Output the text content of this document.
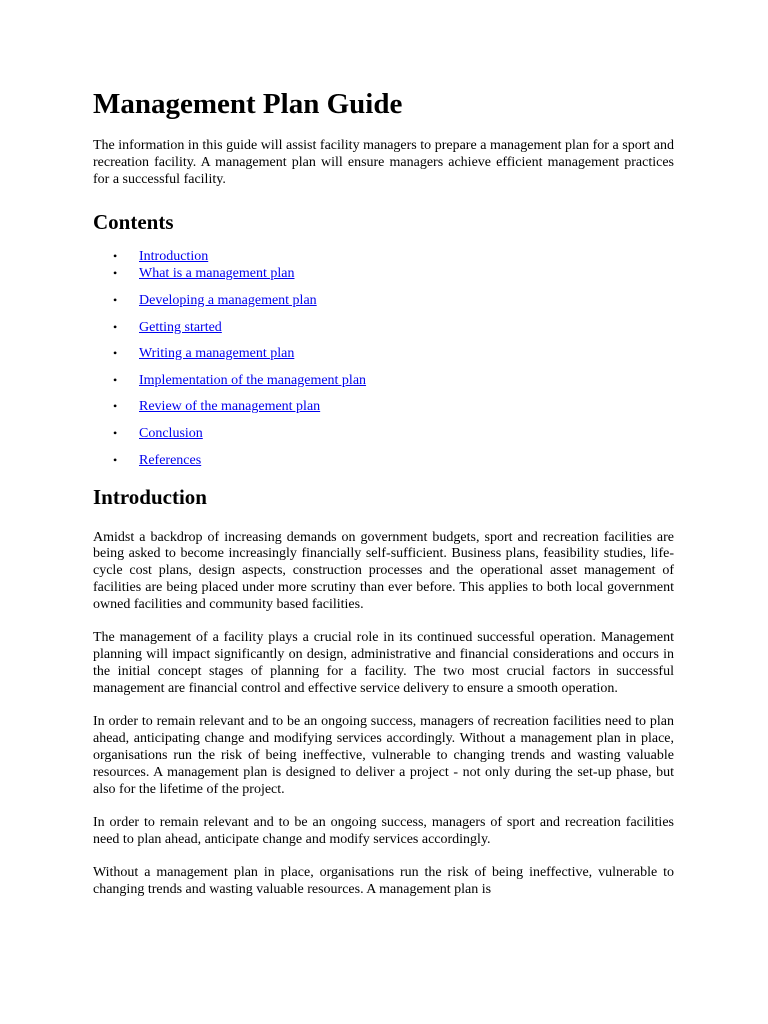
Management Plan Guide

The information in this guide will assist facility managers to prepare a management plan for a sport and recreation facility. A management plan will ensure managers achieve efficient management practices for a successful facility.

Contents
• Introduction
• What is a management plan
• Developing a management plan
• Getting started
• Writing a management plan
• Implementation of the management plan
• Review of the management plan
• Conclusion
• References
Introduction

Amidst a backdrop of increasing demands on government budgets, sport and recreation facilities are being asked to become increasingly financially self-sufficient. Business plans, feasibility studies, life-cycle cost plans, design aspects, construction processes and the operational asset management of facilities are being placed under more scrutiny than ever before. This applies to both local government owned facilities and community based facilities.

The management of a facility plays a crucial role in its continued successful operation. Management planning will impact significantly on design, administrative and financial considerations and occurs in the initial concept stages of planning for a facility. The two most crucial factors in successful management are financial control and effective service delivery to ensure a smooth operation.

In order to remain relevant and to be an ongoing success, managers of recreation facilities need to plan ahead, anticipating change and modifying services accordingly. Without a management plan in place, organisations run the risk of being ineffective, vulnerable to changing trends and wasting valuable resources. A management plan is designed to deliver a project - not only during the set-up phase, but also for the lifetime of the project.

In order to remain relevant and to be an ongoing success, managers of sport and recreation facilities need to plan ahead, anticipate change and modify services accordingly.

Without a management plan in place, organisations run the risk of being ineffective, vulnerable to changing trends and wasting valuable resources. A management plan is
